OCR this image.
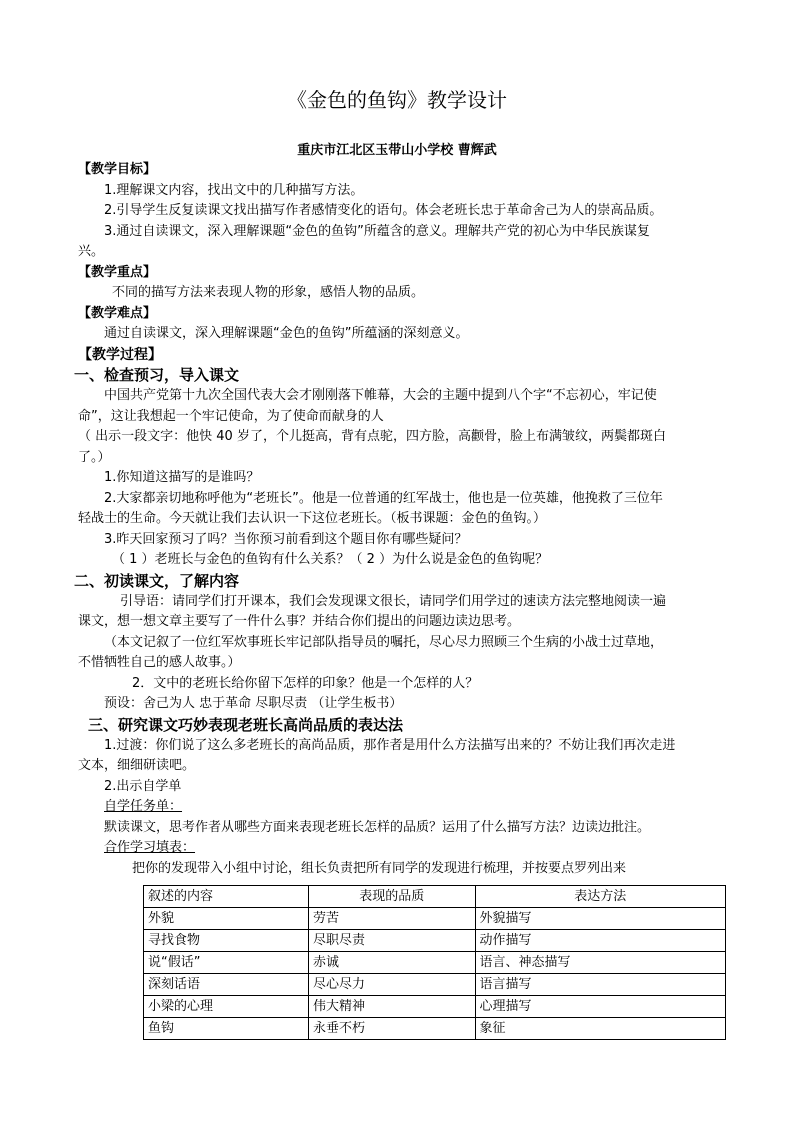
《金色的鱼钩》教学设计
重庆市江北区玉带山小学校 曹辉武
【教学目标】
1.理解课文内容，找出文中的几种描写方法。
2.引导学生反复读课文找出描写作者感情变化的语句。体会老班长忠于革命舍己为人的崇高品质。
3.通过自读课文，深入理解课题“金色的鱼钩”所蕴含的意义。理解共产党的初心为中华民族谋复
兴。
【教学重点】
不同的描写方法来表现人物的形象，感悟人物的品质。
【教学难点】
通过自读课文，深入理解课题“金色的鱼钩”所蕴涵的深刻意义。
【教学过程】
一、检查预习，导入课文
中国共产党第十九次全国代表大会才刚刚落下帷幕，大会的主题中提到八个字“不忘初心，牢记使
命”，这让我想起一个牢记使命，为了使命而献身的人
（ 出示一段文字：他快 40 岁了，个儿挺高，背有点驼，四方脸，高颧骨，脸上布满皱纹，两鬓都斑白
了。）
1.你知道这描写的是谁吗？
2.大家都亲切地称呼他为“老班长”。他是一位普通的红军战士，他也是一位英雄，他挽救了三位年
轻战士的生命。今天就让我们去认识一下这位老班长。（板书课题：金色的鱼钩。）
3.昨天回家预习了吗？当你预习前看到这个题目你有哪些疑问？
（ 1 ）老班长与金色的鱼钩有什么关系？（ 2 ）为什么说是金色的鱼钩呢？
二、初读课文，了解内容
引导语：请同学们打开课本，我们会发现课文很长，请同学们用学过的速读方法完整地阅读一遍
课文，想一想文章主要写了一件什么事？并结合你们提出的问题边读边思考。
（本文记叙了一位红军炊事班长牢记部队指导员的嘱托，尽心尽力照顾三个生病的小战士过草地，
不惜牺牲自己的感人故事。）
2．文中的老班长给你留下怎样的印象？他是一个怎样的人？
预设：舍己为人 忠于革命 尽职尽责 （让学生板书）
三、研究课文巧妙表现老班长高尚品质的表达法
1.过渡：你们说了这么多老班长的高尚品质，那作者是用什么方法描写出来的？不妨让我们再次走进
文本，细细研读吧。
2.出示自学单
自学任务单：
默读课文，思考作者从哪些方面来表现老班长怎样的品质？运用了什么描写方法？边读边批注。
合作学习填表：
把你的发现带入小组中讨论，组长负责把所有同学的发现进行梳理，并按要点罗列出来
叙述的内容	表现的品质	表达方法
外貌	劳苦	外貌描写
寻找食物	尽职尽责	动作描写
说“假话”	赤诚	语言、神态描写
深刻话语	尽心尽力	语言描写
小梁的心理	伟大精神	心理描写
鱼钩	永垂不朽	象征
